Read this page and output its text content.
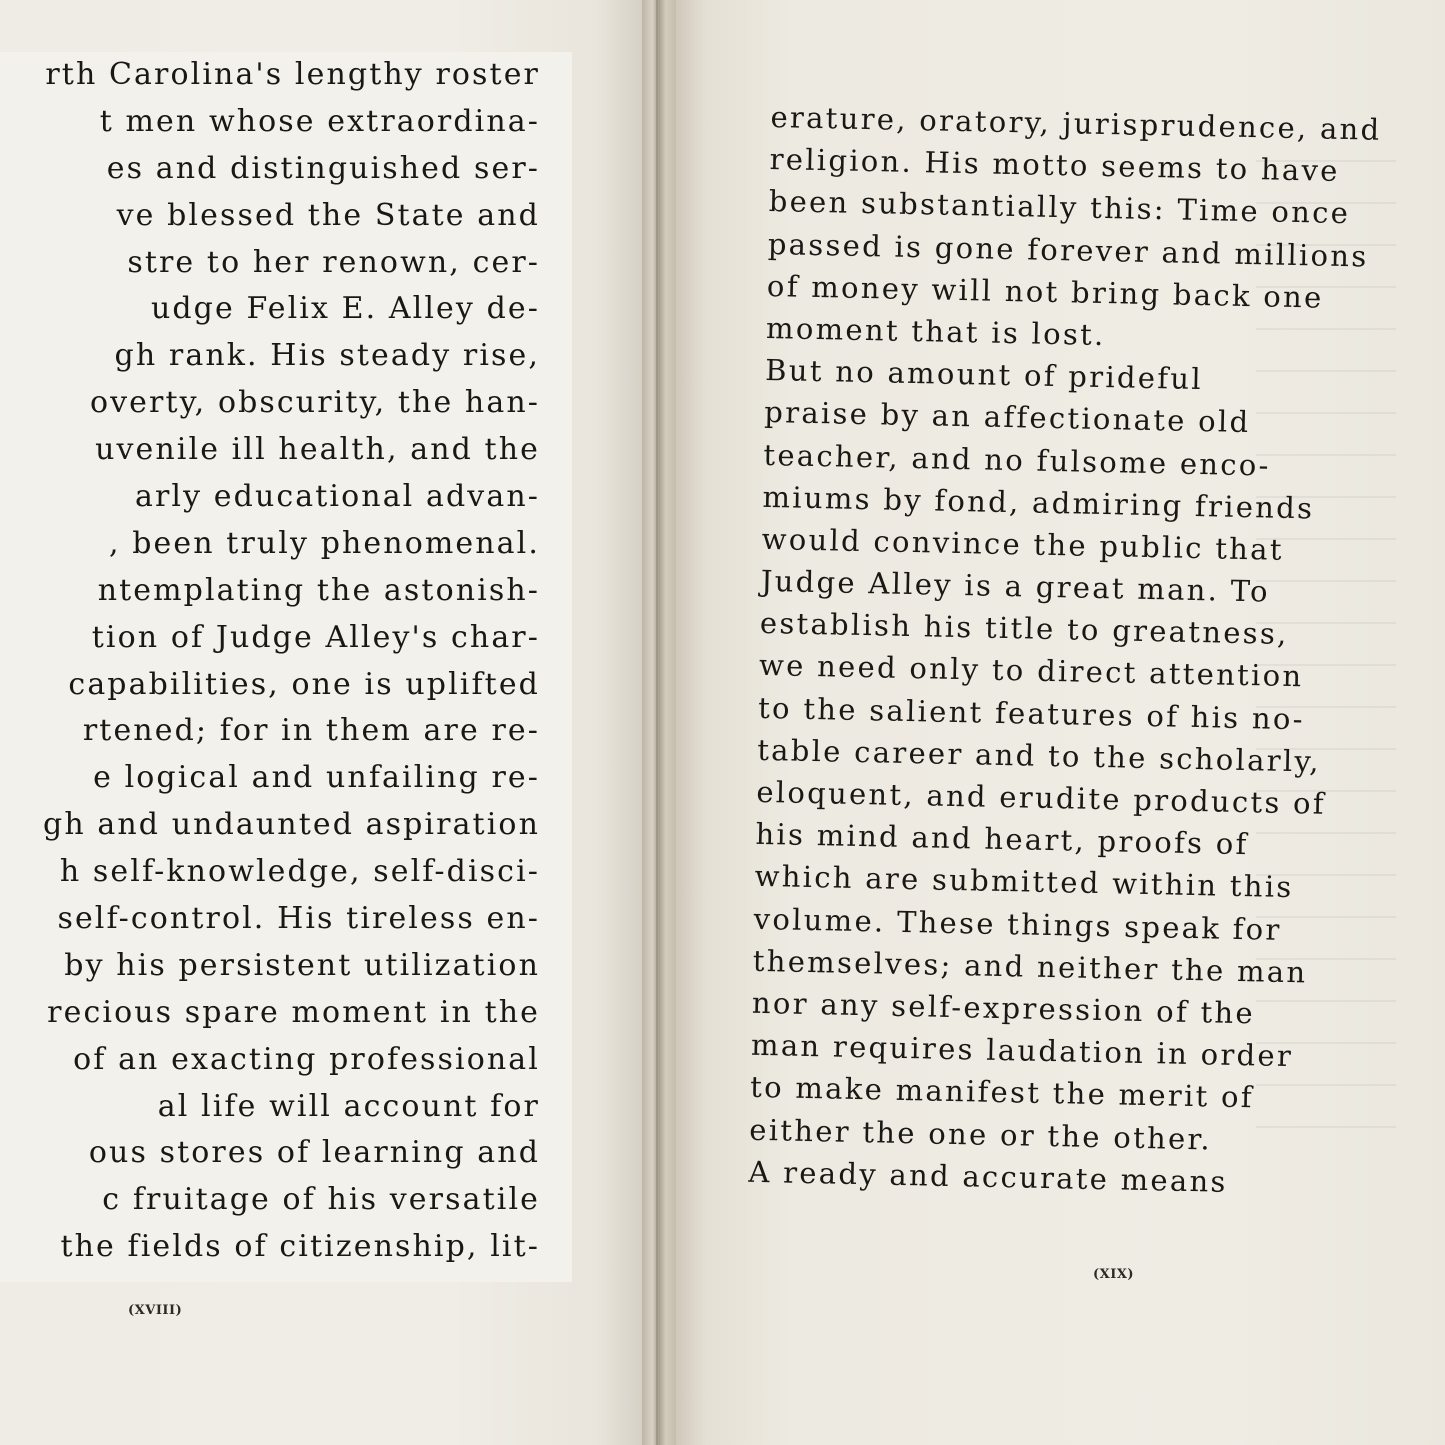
rth Carolina's lengthy roster
t men whose extraordina-
es and distinguished ser-
ve blessed the State and
stre to her renown, cer-
udge Felix E. Alley de-
gh rank. His steady rise,
overty, obscurity, the han-
uvenile ill health, and the
arly educational advan-
, been truly phenomenal.
ntemplating the astonish-
tion of Judge Alley's char-
capabilities, one is uplifted
rtened; for in them are re-
e logical and unfailing re-
gh and undaunted aspiration
h self-knowledge, self-disci-
self-control. His tireless en-
by his persistent utilization
recious spare moment in the
of an exacting professional
al life will account for
ous stores of learning and
c fruitage of his versatile
the fields of citizenship, lit-
(XVIII)
erature, oratory, jurisprudence, and
religion. His motto seems to have
been substantially this: Time once
passed is gone forever and millions
of money will not bring back one
moment that is lost.
But no amount of prideful
praise by an affectionate old
teacher, and no fulsome enco-
miums by fond, admiring friends
would convince the public that
Judge Alley is a great man. To
establish his title to greatness,
we need only to direct attention
to the salient features of his no-
table career and to the scholarly,
eloquent, and erudite products of
his mind and heart, proofs of
which are submitted within this
volume. These things speak for
themselves; and neither the man
nor any self-expression of the
man requires laudation in order
to make manifest the merit of
either the one or the other.
A ready and accurate means
(XIX)
